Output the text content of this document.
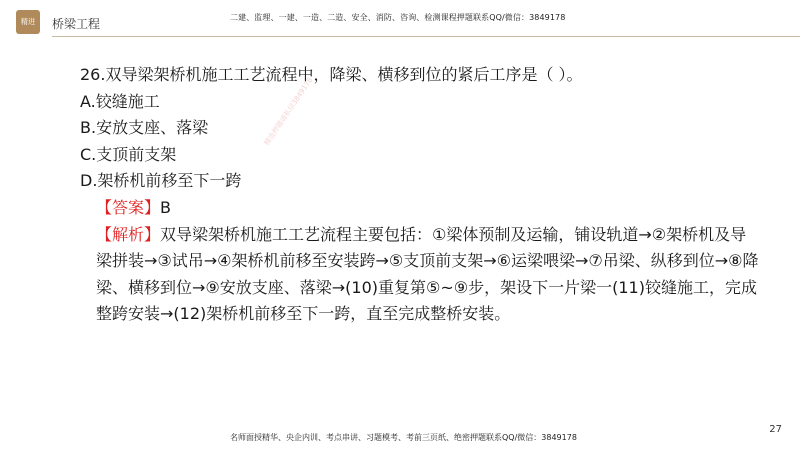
精进 桥梁工程	二建、监理、一建、一造、二造、安全、消防、咨询、检测课程押题联系QQ/微信：3849178

26.双导梁架桥机施工工艺流程中，降梁、横移到位的紧后工序是（ ）。

A.铰缝施工

B.安放支座、落梁

C.支顶前支架

D.架桥机前移至下一跨

【答案】B

【解析】双导梁架桥机施工工艺流程主要包括：①梁体预制及运输，铺设轨道→②架桥机及导梁拼装→③试吊→④架桥机前移至安装跨→⑤支顶前支架→⑥运梁喂梁→⑦吊梁、纵移到位→⑧降梁、横移到位→⑨安放支座、落梁→(10)重复第⑤~⑨步，架设下一片梁一(11)铰缝施工，完成整跨安装→(12)架桥机前移至下一跨，直至完成整桥安装。

精选押题请私信3849178
27
名师面授精华、央企内训、考点串讲、习题模考、考前三页纸、绝密押题联系QQ/微信：3849178
